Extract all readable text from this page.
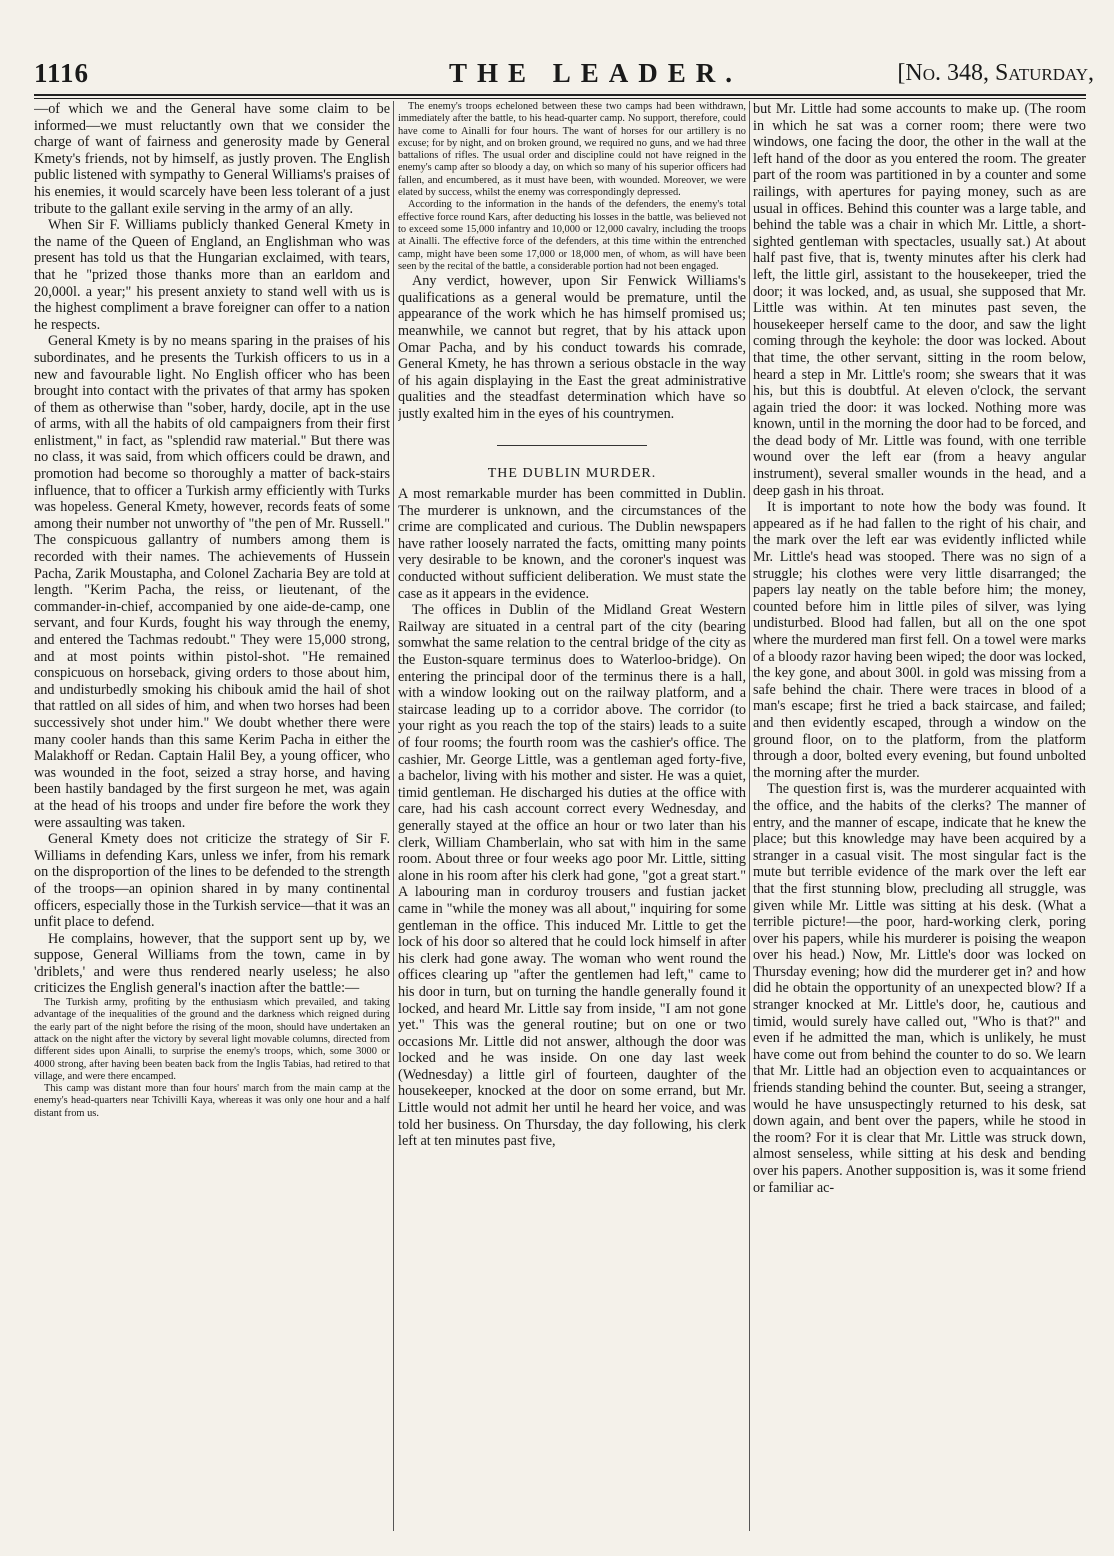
1116	THE LEADER.	[No. 348, Saturday,

—of which we and the General have some claim to be informed—we must reluctantly own that we consider the charge of want of fairness and generosity made by General Kmety's friends, not by himself, as justly proven. The English public listened with sympathy to General Williams's praises of his enemies, it would scarcely have been less tolerant of a just tribute to the gallant exile serving in the army of an ally.

When Sir F. Williams publicly thanked General Kmety in the name of the Queen of England, an Englishman who was present has told us that the Hungarian exclaimed, with tears, that he "prized those thanks more than an earldom and 20,000l. a year;" his present anxiety to stand well with us is the highest compliment a brave foreigner can offer to a nation he respects.

General Kmety is by no means sparing in the praises of his subordinates, and he presents the Turkish officers to us in a new and favourable light. No English officer who has been brought into contact with the privates of that army has spoken of them as otherwise than "sober, hardy, docile, apt in the use of arms, with all the habits of old campaigners from their first enlistment," in fact, as "splendid raw material." But there was no class, it was said, from which officers could be drawn, and promotion had become so thoroughly a matter of back-stairs influence, that to officer a Turkish army efficiently with Turks was hopeless. General Kmety, however, records feats of some among their number not unworthy of "the pen of Mr. Russell." The conspicuous gallantry of numbers among them is recorded with their names. The achievements of Hussein Pacha, Zarik Moustapha, and Colonel Zacharia Bey are told at length. "Kerim Pacha, the reiss, or lieutenant, of the commander-in-chief, accompanied by one aide-de-camp, one servant, and four Kurds, fought his way through the enemy, and entered the Tachmas redoubt." They were 15,000 strong, and at most points within pistol-shot. "He remained conspicuous on horseback, giving orders to those about him, and undisturbedly smoking his chibouk amid the hail of shot that rattled on all sides of him, and when two horses had been successively shot under him." We doubt whether there were many cooler hands than this same Kerim Pacha in either the Malakhoff or Redan. Captain Halil Bey, a young officer, who was wounded in the foot, seized a stray horse, and having been hastily bandaged by the first surgeon he met, was again at the head of his troops and under fire before the work they were assaulting was taken.

General Kmety does not criticize the strategy of Sir F. Williams in defending Kars, unless we infer, from his remark on the disproportion of the lines to be defended to the strength of the troops—an opinion shared in by many continental officers, especially those in the Turkish service—that it was an unfit place to defend.

He complains, however, that the support sent up by, we suppose, General Williams from the town, came in by 'driblets,' and were thus rendered nearly useless; he also criticizes the English general's inaction after the battle:—

The Turkish army, profiting by the enthusiasm which prevailed, and taking advantage of the inequalities of the ground and the darkness which reigned during the early part of the night before the rising of the moon, should have undertaken an attack on the night after the victory by several light movable columns, directed from different sides upon Ainalli, to surprise the enemy's troops, which, some 3000 or 4000 strong, after having been beaten back from the Inglis Tabias, had retired to that village, and were there encamped.

This camp was distant more than four hours' march from the main camp at the enemy's head-quarters near Tchivilli Kaya, whereas it was only one hour and a half distant from us.

The enemy's troops echeloned between these two camps had been withdrawn, immediately after the battle, to his head-quarter camp. No support, therefore, could have come to Ainalli for four hours. The want of horses for our artillery is no excuse; for by night, and on broken ground, we required no guns, and we had three battalions of rifles. The usual order and discipline could not have reigned in the enemy's camp after so bloody a day, on which so many of his superior officers had fallen, and encumbered, as it must have been, with wounded. Moreover, we were elated by success, whilst the enemy was correspondingly depressed.

According to the information in the hands of the defenders, the enemy's total effective force round Kars, after deducting his losses in the battle, was believed not to exceed some 15,000 infantry and 10,000 or 12,000 cavalry, including the troops at Ainalli. The effective force of the defenders, at this time within the entrenched camp, might have been some 17,000 or 18,000 men, of whom, as will have been seen by the recital of the battle, a considerable portion had not been engaged.

Any verdict, however, upon Sir Fenwick Williams's qualifications as a general would be premature, until the appearance of the work which he has himself promised us; meanwhile, we cannot but regret, that by his attack upon Omar Pacha, and by his conduct towards his comrade, General Kmety, he has thrown a serious obstacle in the way of his again displaying in the East the great administrative qualities and the steadfast determination which have so justly exalted him in the eyes of his countrymen.

THE DUBLIN MURDER.

A most remarkable murder has been committed in Dublin. The murderer is unknown, and the circumstances of the crime are complicated and curious. The Dublin newspapers have rather loosely narrated the facts, omitting many points very desirable to be known, and the coroner's inquest was conducted without sufficient deliberation. We must state the case as it appears in the evidence.

The offices in Dublin of the Midland Great Western Railway are situated in a central part of the city (bearing somwhat the same relation to the central bridge of the city as the Euston-square terminus does to Waterloo-bridge). On entering the principal door of the terminus there is a hall, with a window looking out on the railway platform, and a staircase leading up to a corridor above. The corridor (to your right as you reach the top of the stairs) leads to a suite of four rooms; the fourth room was the cashier's office. The cashier, Mr. George Little, was a gentleman aged forty-five, a bachelor, living with his mother and sister. He was a quiet, timid gentleman. He discharged his duties at the office with care, had his cash account correct every Wednesday, and generally stayed at the office an hour or two later than his clerk, William Chamberlain, who sat with him in the same room. About three or four weeks ago poor Mr. Little, sitting alone in his room after his clerk had gone, "got a great start." A labouring man in corduroy trousers and fustian jacket came in "while the money was all about," inquiring for some gentleman in the office. This induced Mr. Little to get the lock of his door so altered that he could lock himself in after his clerk had gone away. The woman who went round the offices clearing up "after the gentlemen had left," came to his door in turn, but on turning the handle generally found it locked, and heard Mr. Little say from inside, "I am not gone yet." This was the general routine; but on one or two occasions Mr. Little did not answer, although the door was locked and he was inside. On one day last week (Wednesday) a little girl of fourteen, daughter of the housekeeper, knocked at the door on some errand, but Mr. Little would not admit her until he heard her voice, and was told her business. On Thursday, the day following, his clerk left at ten minutes past five,

but Mr. Little had some accounts to make up. (The room in which he sat was a corner room; there were two windows, one facing the door, the other in the wall at the left hand of the door as you entered the room. The greater part of the room was partitioned in by a counter and some railings, with apertures for paying money, such as are usual in offices. Behind this counter was a large table, and behind the table was a chair in which Mr. Little, a short-sighted gentleman with spectacles, usually sat.) At about half past five, that is, twenty minutes after his clerk had left, the little girl, assistant to the housekeeper, tried the door; it was locked, and, as usual, she supposed that Mr. Little was within. At ten minutes past seven, the housekeeper herself came to the door, and saw the light coming through the keyhole: the door was locked. About that time, the other servant, sitting in the room below, heard a step in Mr. Little's room; she swears that it was his, but this is doubtful. At eleven o'clock, the servant again tried the door: it was locked. Nothing more was known, until in the morning the door had to be forced, and the dead body of Mr. Little was found, with one terrible wound over the left ear (from a heavy angular instrument), several smaller wounds in the head, and a deep gash in his throat.

It is important to note how the body was found. It appeared as if he had fallen to the right of his chair, and the mark over the left ear was evidently inflicted while Mr. Little's head was stooped. There was no sign of a struggle; his clothes were very little disarranged; the papers lay neatly on the table before him; the money, counted before him in little piles of silver, was lying undisturbed. Blood had fallen, but all on the one spot where the murdered man first fell. On a towel were marks of a bloody razor having been wiped; the door was locked, the key gone, and about 300l. in gold was missing from a safe behind the chair. There were traces in blood of a man's escape; first he tried a back staircase, and failed; and then evidently escaped, through a window on the ground floor, on to the platform, from the platform through a door, bolted every evening, but found unbolted the morning after the murder.

The question first is, was the murderer acquainted with the office, and the habits of the clerks? The manner of entry, and the manner of escape, indicate that he knew the place; but this knowledge may have been acquired by a stranger in a casual visit. The most singular fact is the mute but terrible evidence of the mark over the left ear that the first stunning blow, precluding all struggle, was given while Mr. Little was sitting at his desk. (What a terrible picture!—the poor, hard-working clerk, poring over his papers, while his murderer is poising the weapon over his head.) Now, Mr. Little's door was locked on Thursday evening; how did the murderer get in? and how did he obtain the opportunity of an unexpected blow? If a stranger knocked at Mr. Little's door, he, cautious and timid, would surely have called out, "Who is that?" and even if he admitted the man, which is unlikely, he must have come out from behind the counter to do so. We learn that Mr. Little had an objection even to acquaintances or friends standing behind the counter. But, seeing a stranger, would he have unsuspectingly returned to his desk, sat down again, and bent over the papers, while he stood in the room? For it is clear that Mr. Little was struck down, almost senseless, while sitting at his desk and bending over his papers. Another supposition is, was it some friend or familiar ac-
